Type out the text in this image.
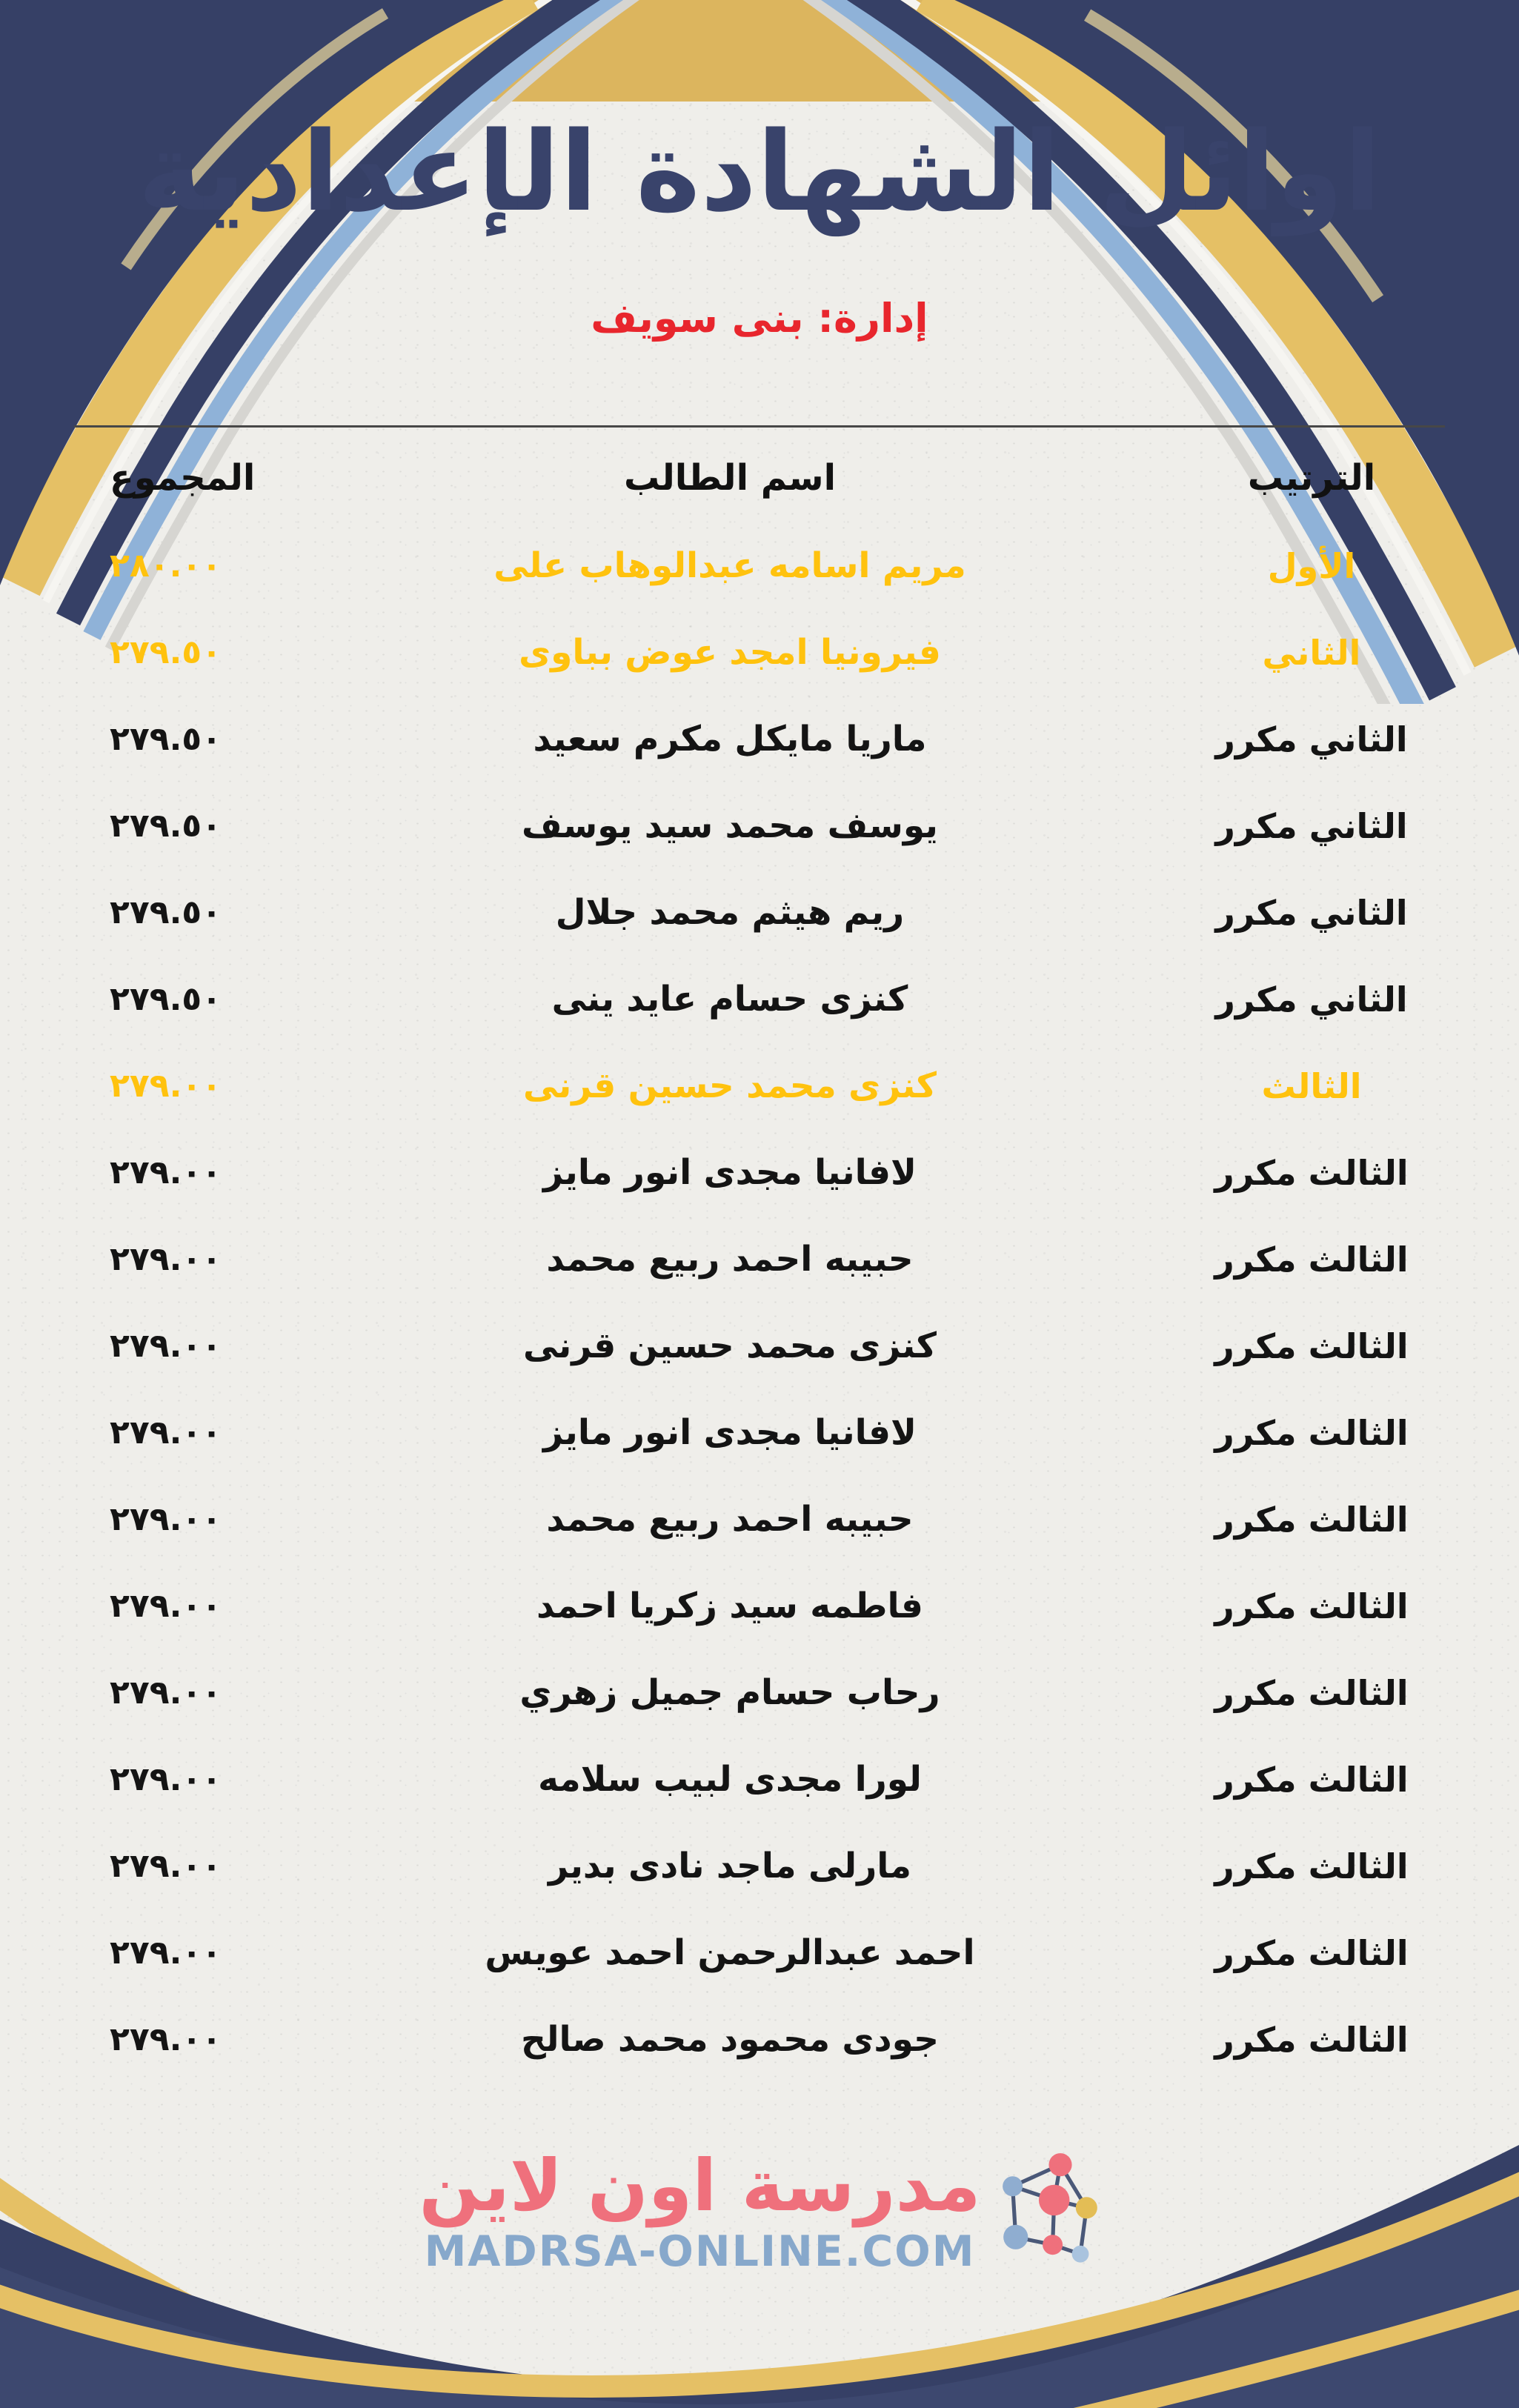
اوائل الشهادة الإعدادية
إدارة: بنى سويف
الترتيب
اسم الطالب
المجموع
الأول
مريم اسامه عبدالوهاب على
٢٨٠.٠٠
الثاني
فيرونيا امجد عوض بباوى
٢٧٩.٥٠
الثاني مكرر
ماريا مايكل مكرم سعيد
٢٧٩.٥٠
الثاني مكرر
يوسف محمد سيد يوسف
٢٧٩.٥٠
الثاني مكرر
ريم هيثم محمد جلال
٢٧٩.٥٠
الثاني مكرر
كنزى حسام عايد ينى
٢٧٩.٥٠
الثالث
كنزى محمد حسين قرنى
٢٧٩.٠٠
الثالث مكرر
لافانيا مجدى انور مايز
٢٧٩.٠٠
الثالث مكرر
حبيبه احمد ربيع محمد
٢٧٩.٠٠
الثالث مكرر
كنزى محمد حسين قرنى
٢٧٩.٠٠
الثالث مكرر
لافانيا مجدى انور مايز
٢٧٩.٠٠
الثالث مكرر
حبيبه احمد ربيع محمد
٢٧٩.٠٠
الثالث مكرر
فاطمه سيد زكريا احمد
٢٧٩.٠٠
الثالث مكرر
رحاب حسام جميل زهري
٢٧٩.٠٠
الثالث مكرر
لورا مجدى لبيب سلامه
٢٧٩.٠٠
الثالث مكرر
مارلى ماجد نادى بدير
٢٧٩.٠٠
الثالث مكرر
احمد عبدالرحمن احمد عويس
٢٧٩.٠٠
الثالث مكرر
جودى محمود محمد صالح
٢٧٩.٠٠
مدرسة اون لاين
MADRSA-ONLINE.COM
